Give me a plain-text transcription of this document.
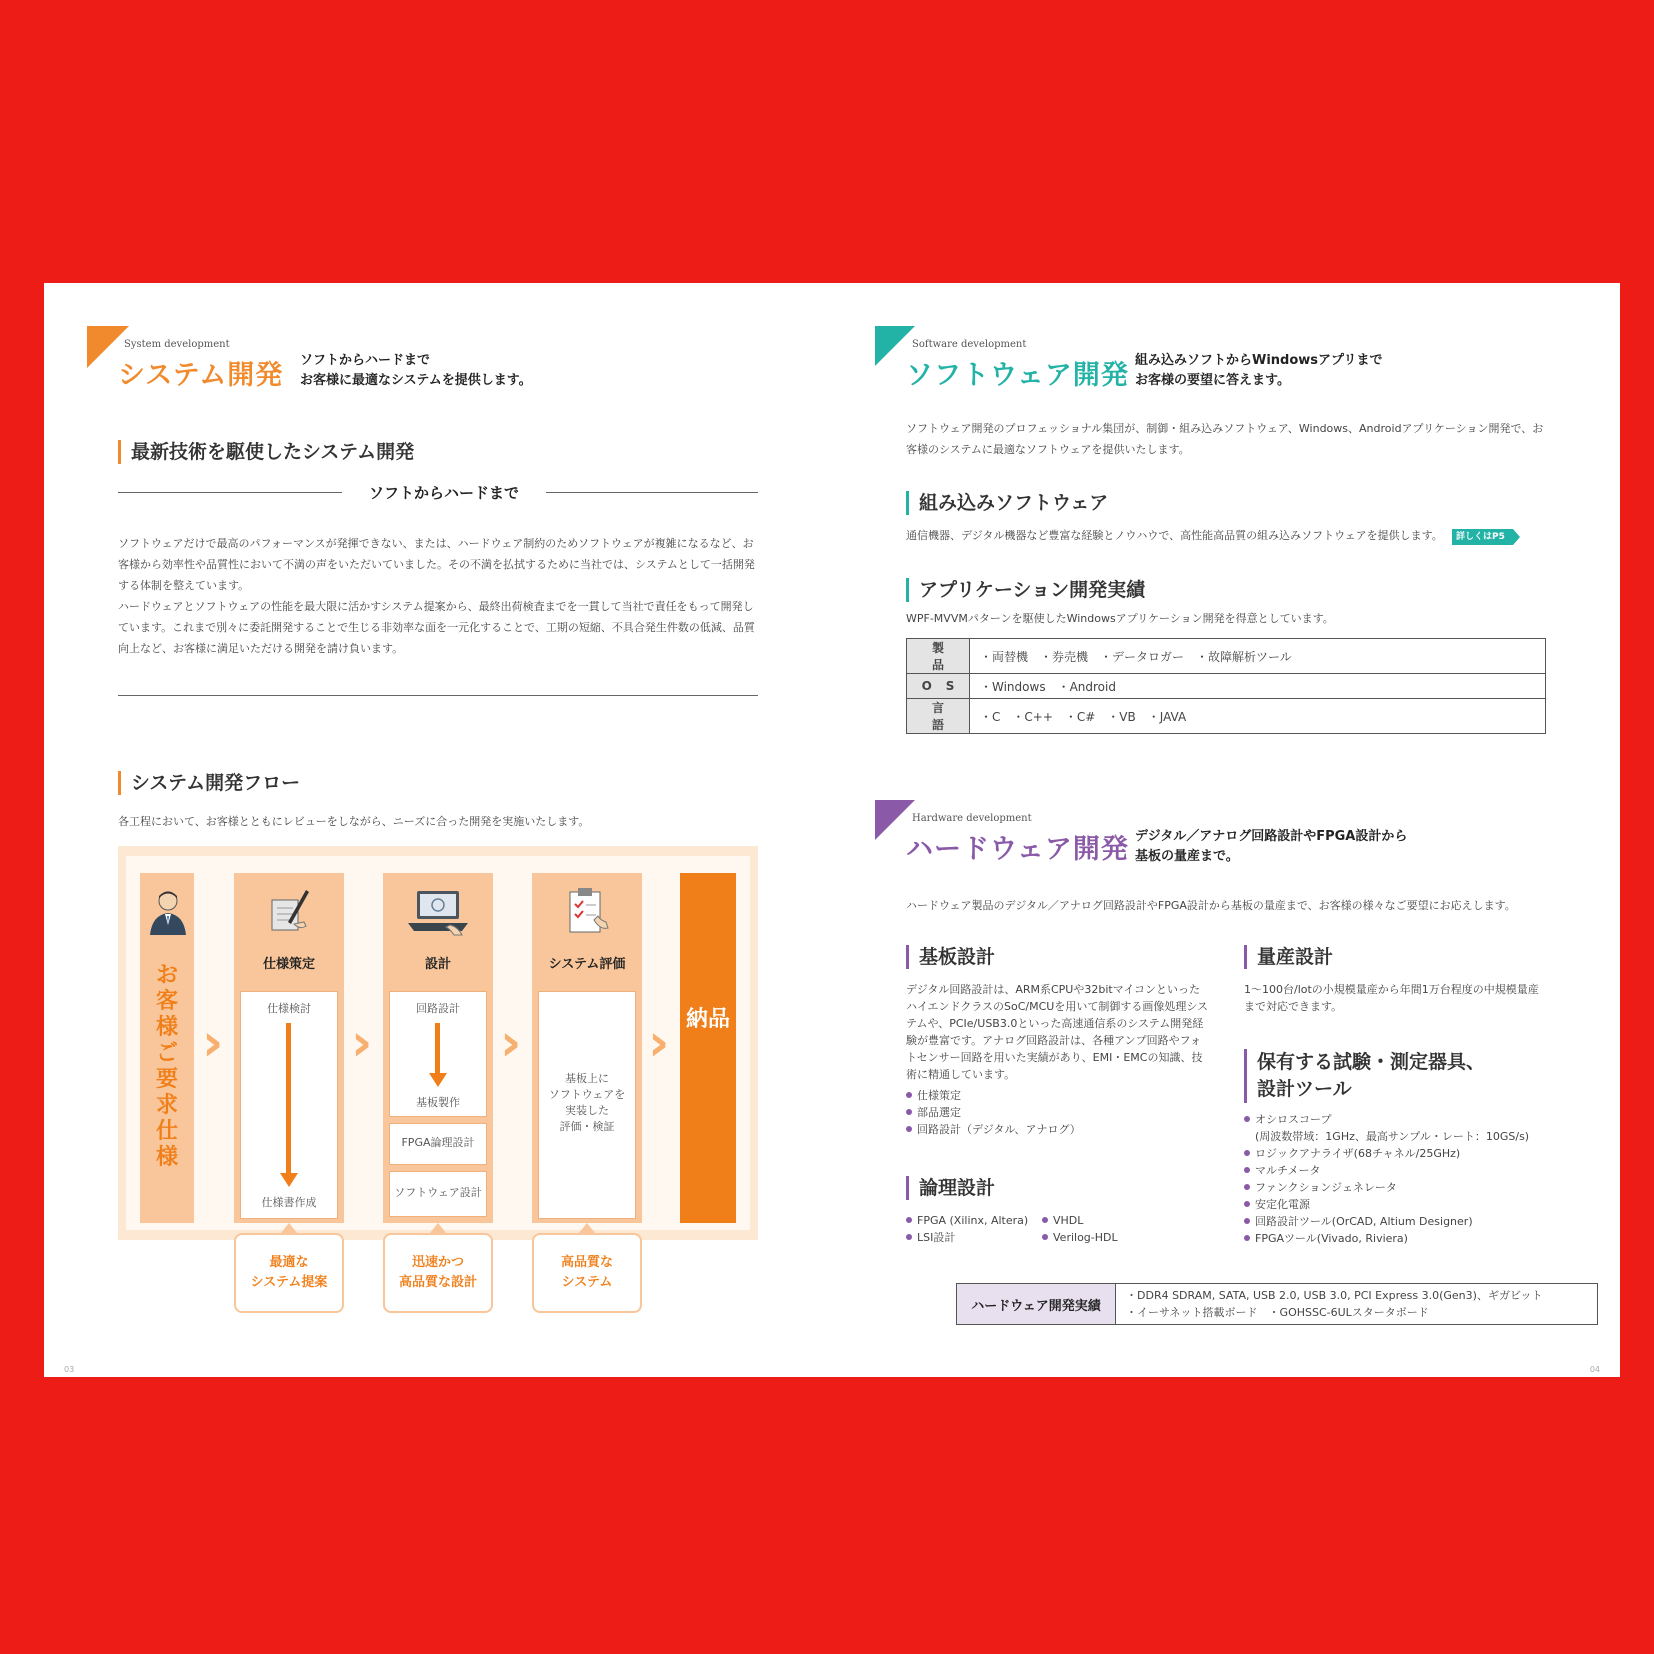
System development
システム開発 ソフトからハードまで
お客様に最適なシステムを提供します。
最新技術を駆使したシステム開発
ソフトからハードまで
ソフトウェアだけで最高のパフォーマンスが発揮できない、または、ハードウェア制約のためソフトウェアが複雑になるなど、お客様から効率性や品質性において不満の声をいただいていました。その不満を払拭するために当社では、システムとして一括開発する体制を整えています。
ハードウェアとソフトウェアの性能を最大限に活かすシステム提案から、最終出荷検査までを一貫して当社で責任をもって開発しています。これまで別々に委託開発することで生じる非効率な面を一元化することで、工期の短縮、不具合発生件数の低減、品質向上など、お客様に満足いただける開発を請け負います。
システム開発フロー
各工程において、お客様とともにレビューをしながら、ニーズに合った開発を実施いたします。
お客様ご要求仕様
›
仕様策定
仕様検討
仕様書作成
›
設計
回路設計
基板製作
FPGA論理設計
ソフトウェア設計
›
システム評価
基板上に
ソフトウェアを
実装した
評価・検証
› 納品
最適な
システム提案
迅速かつ
高品質な設計
高品質な
システム
03
Software development
ソフトウェア開発 組み込みソフトからWindowsアプリまで
お客様の要望に答えます。
ソフトウェア開発のプロフェッショナル集団が、制御・組み込みソフトウェア、Windows、Androidアプリケーション開発で、お客様のシステムに最適なソフトウェアを提供いたします。
組み込みソフトウェア
通信機器、デジタル機器など豊富な経験とノウハウで、高性能高品質の組み込みソフトウェアを提供します。	詳しくはP5
アプリケーション開発実績
WPF-MVVMパターンを駆使したWindowsアプリケーション開発を得意としています。
製品	・両替機　・券売機　・データロガー　・故障解析ツール
OS	・Windows　・Android
言語	・C　・C++　・C#　・VB　・JAVA
Hardware development
ハードウェア開発 デジタル／アナログ回路設計やFPGA設計から
基板の量産まで。
ハードウェア製品のデジタル／アナログ回路設計やFPGA設計から基板の量産まで、お客様の様々なご要望にお応えします。
基板設計
デジタル回路設計は、ARM系CPUや32bitマイコンといったハイエンドクラスのSoC/MCUを用いて制御する画像処理システムや、PCIe/USB3.0といった高速通信系のシステム開発経験が豊富です。アナログ回路設計は、各種アンプ回路やフォトセンサー回路を用いた実績があり、EMI・EMCの知識、技術に精通しています。
仕様策定
部品選定
回路設計（デジタル、アナログ）
論理設計
FPGA (Xilinx, Altera)
LSI設計
VHDL
Verilog-HDL
量産設計
1〜100台/lotの小規模量産から年間1万台程度の中規模量産まで対応できます。
保有する試験・測定器具、
設計ツール
オシロスコープ
(周波数帯域：1GHz、最高サンプル・レート：10GS/s)
ロジックアナライザ(68チャネル/25GHz)
マルチメータ
ファンクションジェネレータ
安定化電源
回路設計ツール(OrCAD, Altium Designer)
FPGAツール(Vivado, Riviera)
ハードウェア開発実績
・DDR4 SDRAM, SATA, USB 2.0, USB 3.0, PCI Express 3.0(Gen3)、ギガビット
・イーサネット搭載ボード　・GOHSSC-6ULスタータボード
04
